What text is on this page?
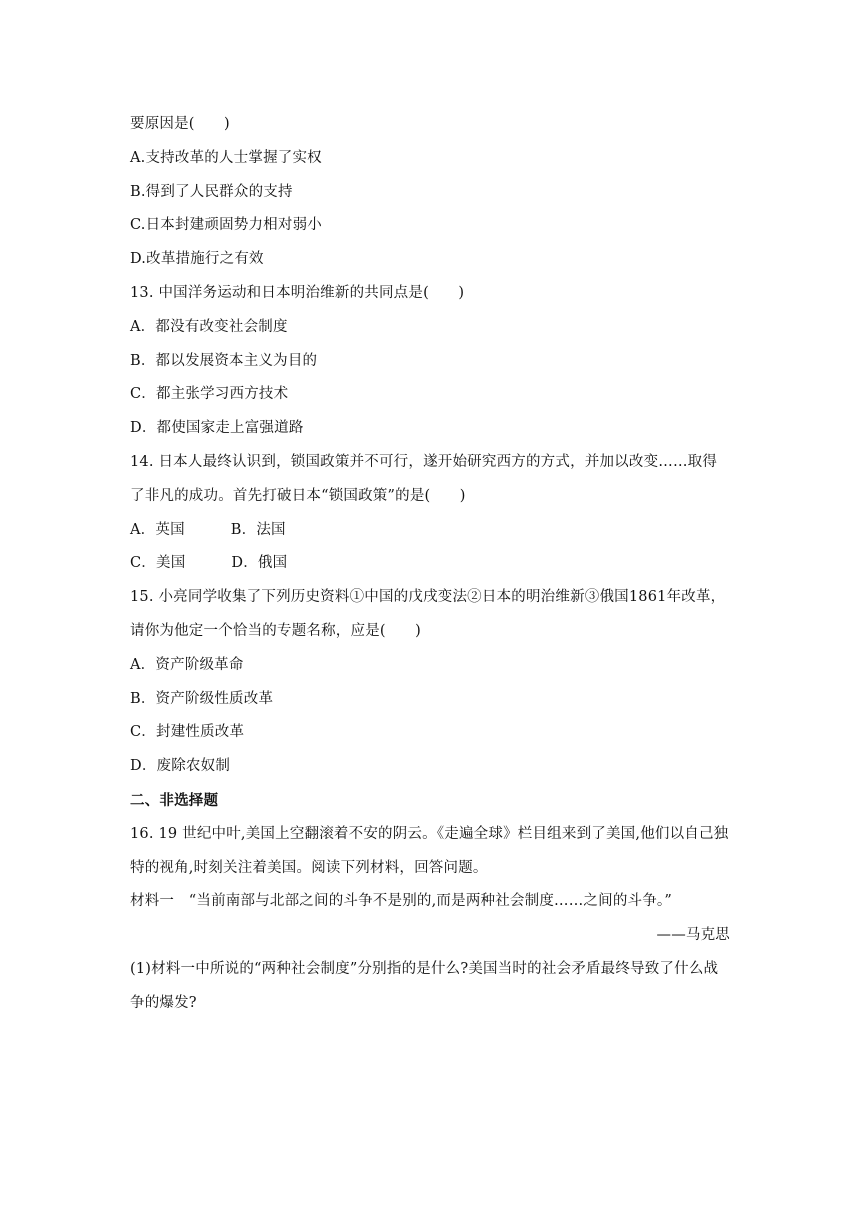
要原因是(　　)
A.支持改革的人士掌握了实权
B.得到了人民群众的支持
C.日本封建顽固势力相对弱小
D.改革措施行之有效
13. 中国洋务运动和日本明治维新的共同点是(　　)
A．都没有改变社会制度
B．都以发展资本主义为目的
C．都主张学习西方技术
D．都使国家走上富强道路
14. 日本人最终认识到，锁国政策并不可行，遂开始研究西方的方式，并加以改变……取得
了非凡的成功。首先打破日本“锁国政策”的是(　　)
A．英国	B．法国
C．美国	D．俄国
15. 小亮同学收集了下列历史资料①中国的戊戌变法②日本的明治维新③俄国1861年改革，
请你为他定一个恰当的专题名称，应是(　　)
A．资产阶级革命
B．资产阶级性质改革
C．封建性质改革
D．废除农奴制
二、非选择题
16. 19 世纪中叶,美国上空翻滚着不安的阴云。《走遍全球》栏目组来到了美国,他们以自己独
特的视角,时刻关注着美国。阅读下列材料，回答问题。
材料一　“当前南部与北部之间的斗争不是别的,而是两种社会制度……之间的斗争。”
——马克思
(1)材料一中所说的“两种社会制度”分别指的是什么?美国当时的社会矛盾最终导致了什么战
争的爆发?
